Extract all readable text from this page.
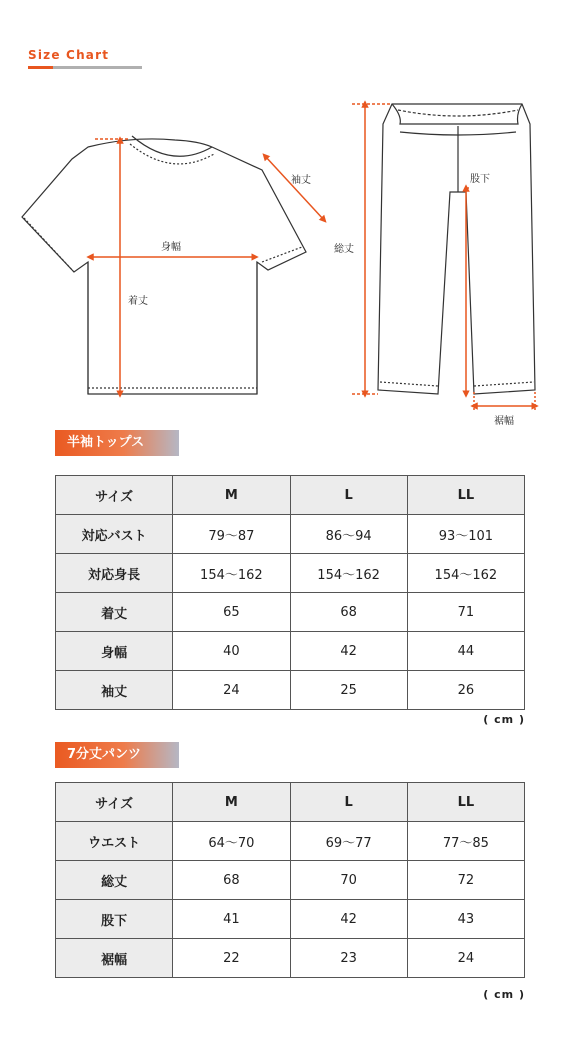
Size Chart
袖丈
身幅
着丈
総丈
股下
裾幅
半袖トップス
サイズ	M	L	LL
対応バスト	79～87	86～94	93～101
対応身長	154～162	154～162	154～162
着丈	65	68	71
身幅	40	42	44
袖丈	24	25	26
( cm )
7分丈パンツ
サイズ	M	L	LL
ウエスト	64～70	69～77	77～85
総丈	68	70	72
股下	41	42	43
裾幅	22	23	24
( cm )
